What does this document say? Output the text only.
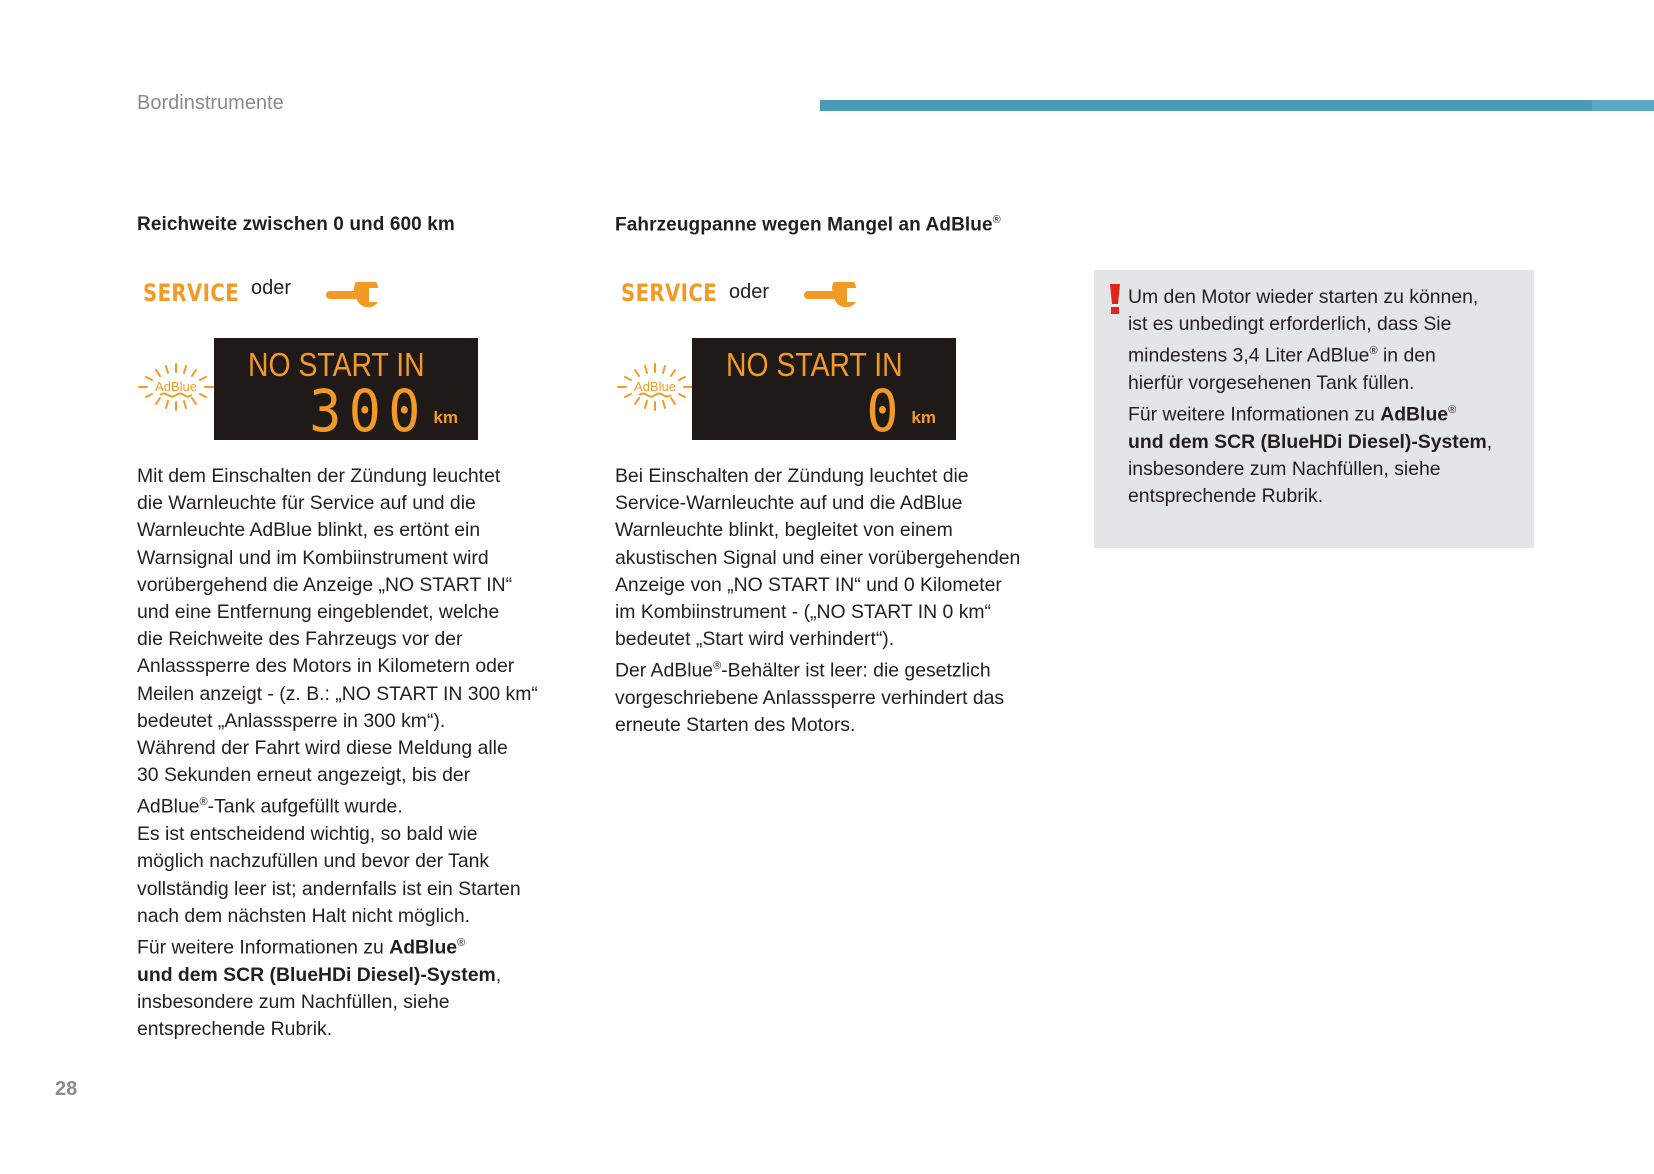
Bordinstrumente
Reichweite zwischen 0 und 600 km
SERVICE oder
AdBlue
NO START IN
300 km

Mit dem Einschalten der Zündung leuchtet

die Warnleuchte für Service auf und die

Warnleuchte AdBlue blinkt, es ertönt ein

Warnsignal und im Kombiinstrument wird

vorübergehend die Anzeige „NO START IN“

und eine Entfernung eingeblendet, welche

die Reichweite des Fahrzeugs vor der

Anlasssperre des Motors in Kilometern oder

Meilen anzeigt - (z. B.: „NO START IN 300 km“

bedeutet „Anlasssperre in 300 km“).

Während der Fahrt wird diese Meldung alle

30 Sekunden erneut angezeigt, bis der

AdBlue®-Tank aufgefüllt wurde.

Es ist entscheidend wichtig, so bald wie

möglich nachzufüllen und bevor der Tank

vollständig leer ist; andernfalls ist ein Starten

nach dem nächsten Halt nicht möglich.

Für weitere Informationen zu AdBlue®

und dem SCR (BlueHDi Diesel)-System,

insbesondere zum Nachfüllen, siehe

entsprechende Rubrik.

Fahrzeugpanne wegen Mangel an AdBlue®
SERVICE oder
AdBlue
NO START IN
0 km

Bei Einschalten der Zündung leuchtet die

Service-Warnleuchte auf und die AdBlue

Warnleuchte blinkt, begleitet von einem

akustischen Signal und einer vorübergehenden

Anzeige von „NO START IN“ und 0 Kilometer

im Kombiinstrument - („NO START IN 0 km“

bedeutet „Start wird verhindert“).

Der AdBlue®-Behälter ist leer: die gesetzlich

vorgeschriebene Anlasssperre verhindert das

erneute Starten des Motors.

Um den Motor wieder starten zu können,

ist es unbedingt erforderlich, dass Sie

mindestens 3,4 Liter AdBlue® in den

hierfür vorgesehenen Tank füllen.

Für weitere Informationen zu AdBlue®

und dem SCR (BlueHDi Diesel)-System,

insbesondere zum Nachfüllen, siehe

entsprechende Rubrik.

28
